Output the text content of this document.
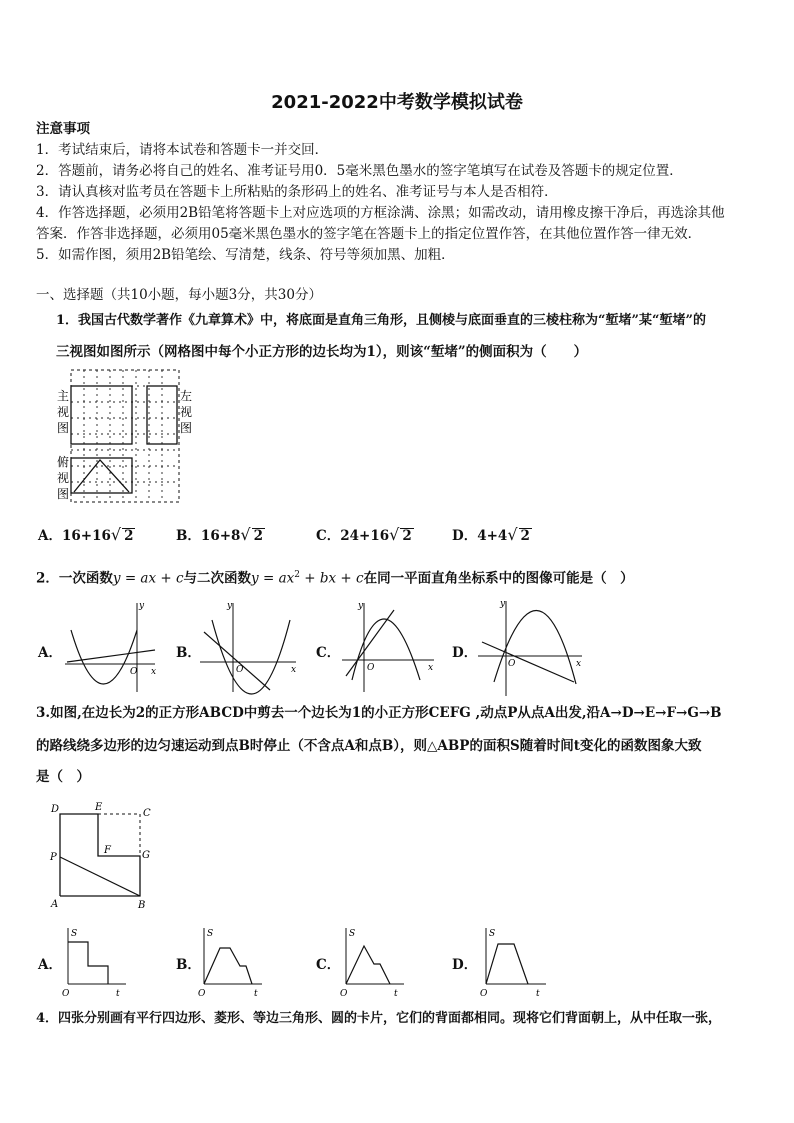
2021-2022中考数学模拟试卷
注意事项
1．考试结束后，请将本试卷和答题卡一并交回．
2．答题前，请务必将自己的姓名、准考证号用0．5毫米黑色墨水的签字笔填写在试卷及答题卡的规定位置．
3．请认真核对监考员在答题卡上所粘贴的条形码上的姓名、准考证号与本人是否相符．
4．作答选择题，必须用2B铅笔将答题卡上对应选项的方框涂满、涂黑；如需改动，请用橡皮擦干净后，再选涂其他
答案．作答非选择题，必须用05毫米黑色墨水的签字笔在答题卡上的指定位置作答，在其他位置作答一律无效．
5．如需作图，须用2B铅笔绘、写清楚，线条、符号等须加黑、加粗．
一、选择题（共10小题，每小题3分，共30分）
1．我国古代数学著作《九章算术》中，将底面是直角三角形，且侧棱与底面垂直的三棱柱称为“堑堵”某“堑堵”的
三视图如图所示（网格图中每个小正方形的边长均为1），则该“堑堵”的侧面积为（　　）
主
视
图
左
视
图
俯
视
图
A．16+16√ 2	B．16+8√ 2	C．24+16√ 2	D．4+4√ 2
2．一次函数y = ax + c与二次函数$y = ax^2$ + bx + c在同一平面直角坐标系中的图像可能是（　）
A．
y
x
O
B．
y
x
O
C．
y
x
O
D．
y
x
O
3.如图,在边长为2的正方形ABCD中剪去一个边长为1的小正方形CEFG ,动点P从点A出发,沿A→D→E→F→G→B
的路线绕多边形的边匀速运动到点B时停止（不含点A和点B），则△ABP的面积S随着时间t变化的函数图象大致
是（　）
D	E
C
F	G
P
A	B
A．
S
t
O
B．
S
t
O
C．
S
t
O
D．
S
t
O
4．四张分别画有平行四边形、菱形、等边三角形、圆的卡片，它们的背面都相同。现将它们背面朝上，从中任取一张，
